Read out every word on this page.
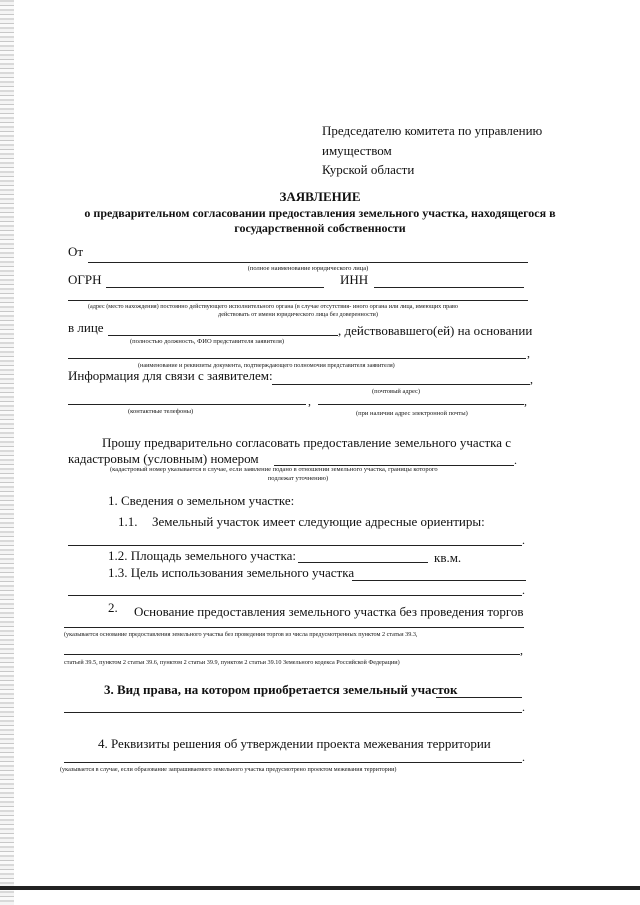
Председателю комитета по управлению
имуществом
Курской области
ЗАЯВЛЕНИЕ
о предварительном согласовании предоставления земельного участка, находящегося в
государственной собственности
От
(полное наименование юридического лица)
ОГРН	ИНН
(адрес (место нахождения) постоянно действующего исполнительного органа (в случае отсутствия- иного органа или лица, имеющих право
действовать от имени юридического лица без доверенности)
в лице	, действовавшего(ей) на основании
(полностью должность, ФИО представителя заявителя)
,
(наименование и реквизиты документа, подтверждающего полномочия представителя заявителя)
Информация для связи с заявителем:	,
(почтовый адрес)
,	,
(контактные телефоны)	(при наличии адрес электронной почты)
Прошу предварительно согласовать предоставление земельного участка с
кадастровым (условным) номером	.
(кадастровый номер указывается в случае, если заявление подано в отношении земельного участка, границы которого
подлежат уточнению)
1. Сведения о земельном участке:
1.1. Земельный участок имеет следующие адресные ориентиры:
.
1.2. Площадь земельного участка:	кв.м.
1.3. Цель использования земельного участка
.
2. Основание предоставления земельного участка без проведения торгов
(указывается основание предоставления земельного участка без проведения торгов из числа предусмотренных пунктом 2 статьи 39.3,
,
статьей 39.5, пунктом 2 статьи 39.6, пунктом 2 статьи 39.9, пунктом 2 статьи 39.10 Земельного кодекса Российской Федерации)
3. Вид права, на котором приобретается земельный участок
.
4. Реквизиты решения об утверждении проекта межевания территории
.
(указывается в случае, если образование запрашиваемого земельного участка предусмотрено проектом межевания территории)
